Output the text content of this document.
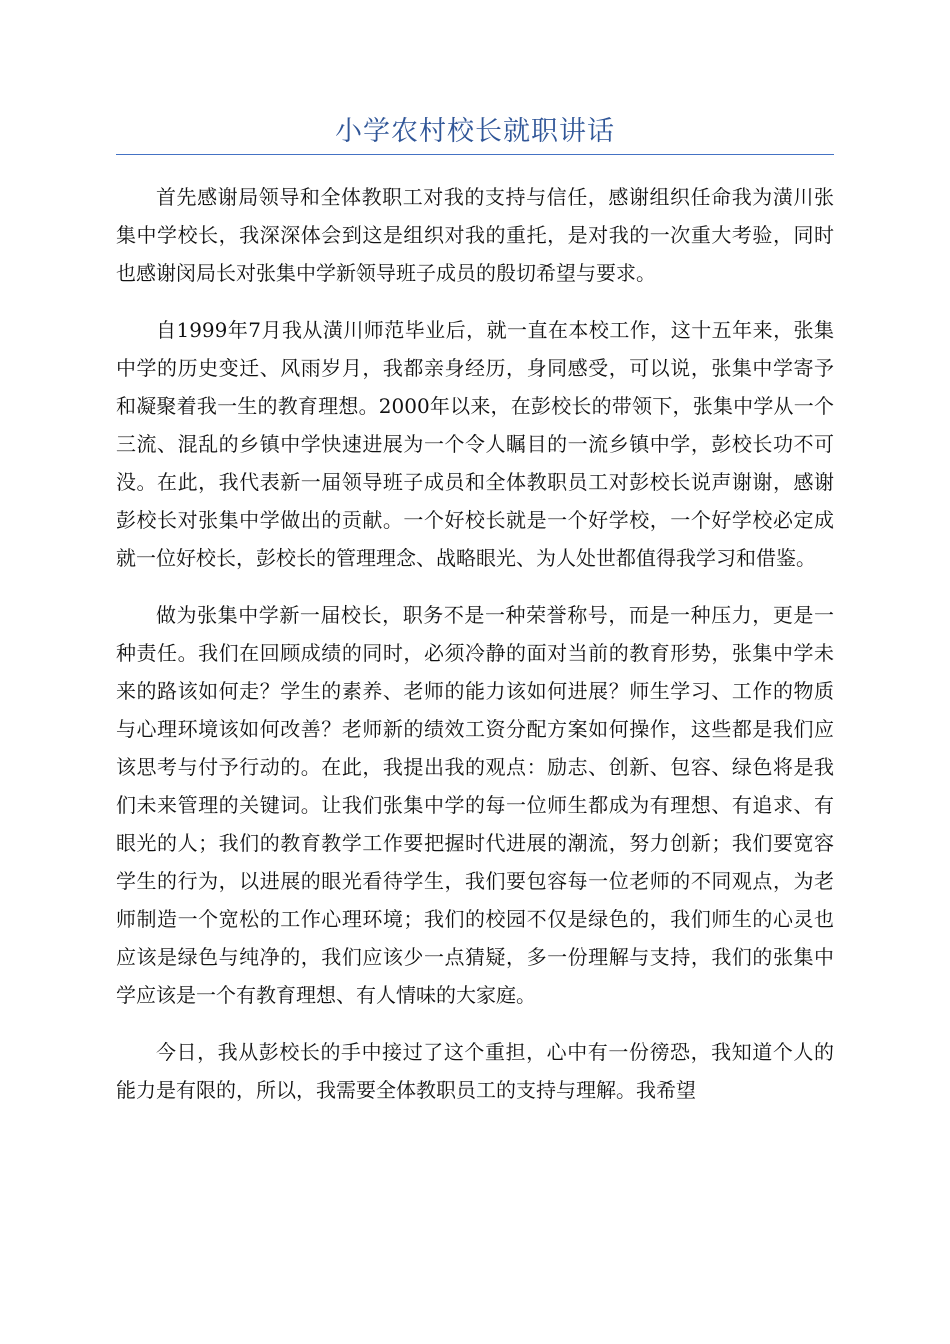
小学农村校长就职讲话

首先感谢局领导和全体教职工对我的支持与信任，感谢组织任命我为潢川张集中学校长，我深深体会到这是组织对我的重托，是对我的一次重大考验，同时也感谢闵局长对张集中学新领导班子成员的殷切希望与要求。

自1999年7月我从潢川师范毕业后，就一直在本校工作，这十五年来，张集中学的历史变迁、风雨岁月，我都亲身经历，身同感受，可以说，张集中学寄予和凝聚着我一生的教育理想。2000年以来，在彭校长的带领下，张集中学从一个三流、混乱的乡镇中学快速进展为一个令人瞩目的一流乡镇中学，彭校长功不可没。在此，我代表新一届领导班子成员和全体教职员工对彭校长说声谢谢，感谢彭校长对张集中学做出的贡献。一个好校长就是一个好学校，一个好学校必定成就一位好校长，彭校长的管理理念、战略眼光、为人处世都值得我学习和借鉴。

做为张集中学新一届校长，职务不是一种荣誉称号，而是一种压力，更是一种责任。我们在回顾成绩的同时，必须冷静的面对当前的教育形势，张集中学未来的路该如何走？学生的素养、老师的能力该如何进展？师生学习、工作的物质与心理环境该如何改善？老师新的绩效工资分配方案如何操作，这些都是我们应该思考与付予行动的。在此，我提出我的观点：励志、创新、包容、绿色将是我们未来管理的关键词。让我们张集中学的每一位师生都成为有理想、有追求、有眼光的人；我们的教育教学工作要把握时代进展的潮流，努力创新；我们要宽容学生的行为，以进展的眼光看待学生，我们要包容每一位老师的不同观点，为老师制造一个宽松的工作心理环境；我们的校园不仅是绿色的，我们师生的心灵也应该是绿色与纯净的，我们应该少一点猜疑，多一份理解与支持，我们的张集中学应该是一个有教育理想、有人情味的大家庭。

今日，我从彭校长的手中接过了这个重担，心中有一份徬恐，我知道个人的能力是有限的，所以，我需要全体教职员工的支持与理解。我希望
